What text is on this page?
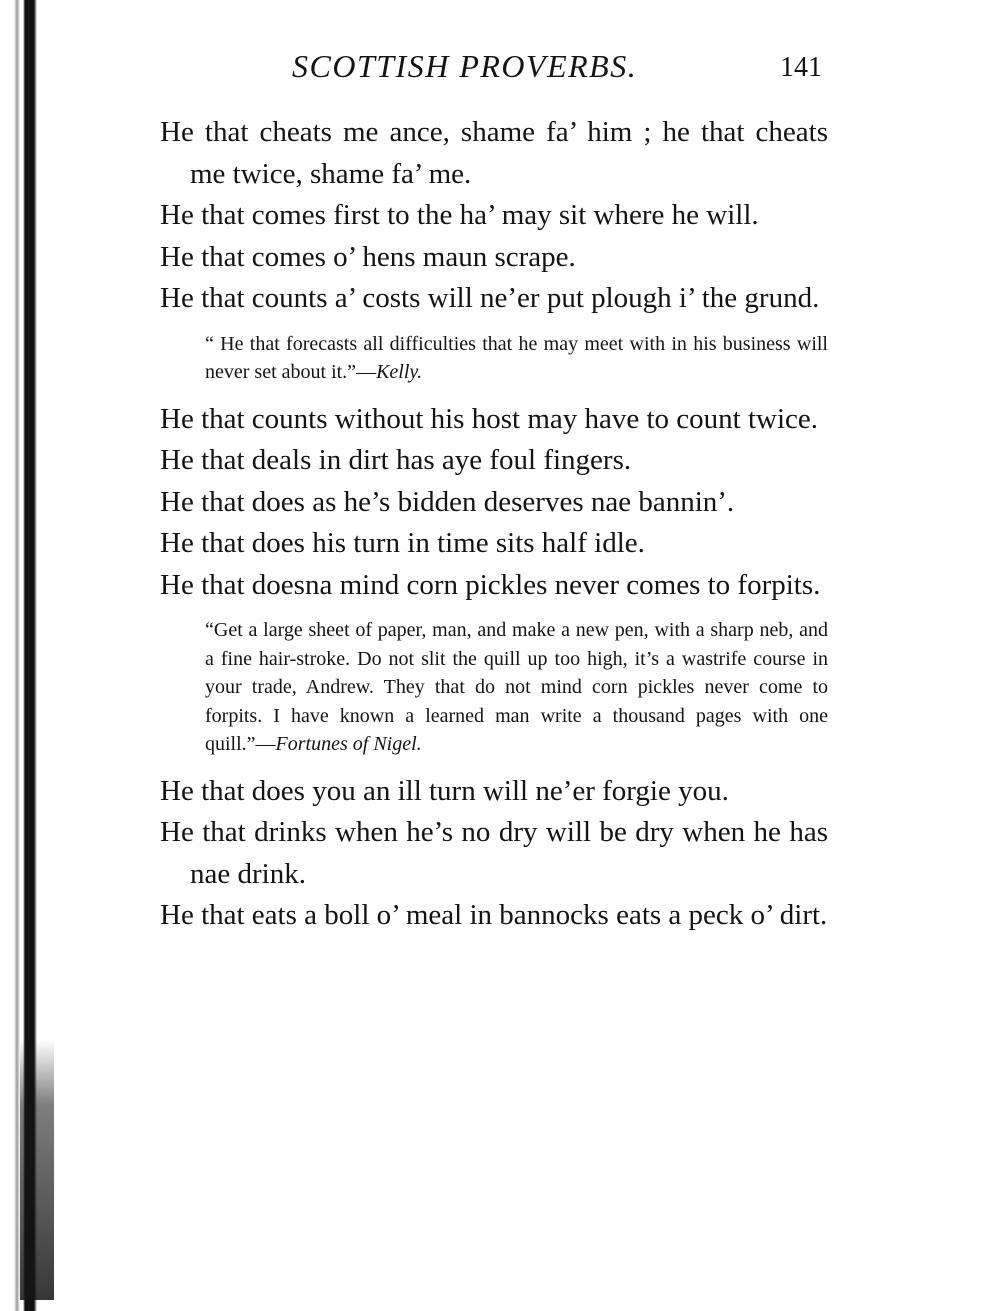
SCOTTISH PROVERBS.	141

He that cheats me ance, shame fa’ him ; he that cheats me twice, shame fa’ me.

He that comes first to the ha’ may sit where he will.

He that comes o’ hens maun scrape.

He that counts a’ costs will ne’er put plough i’ the grund.

“ He that forecasts all difficulties that he may meet with in his business will never set about it.”—Kelly.

He that counts without his host may have to count twice.

He that deals in dirt has aye foul fingers.

He that does as he’s bidden deserves nae bannin’.

He that does his turn in time sits half idle.

He that doesna mind corn pickles never comes to forpits.

“Get a large sheet of paper, man, and make a new pen, with a sharp neb, and a fine hair-stroke. Do not slit the quill up too high, it’s a wastrife course in your trade, Andrew. They that do not mind corn pickles never come to forpits. I have known a learned man write a thousand pages with one quill.”—Fortunes of Nigel.

He that does you an ill turn will ne’er forgie you.

He that drinks when he’s no dry will be dry when he has nae drink.

He that eats a boll o’ meal in bannocks eats a peck o’ dirt.
